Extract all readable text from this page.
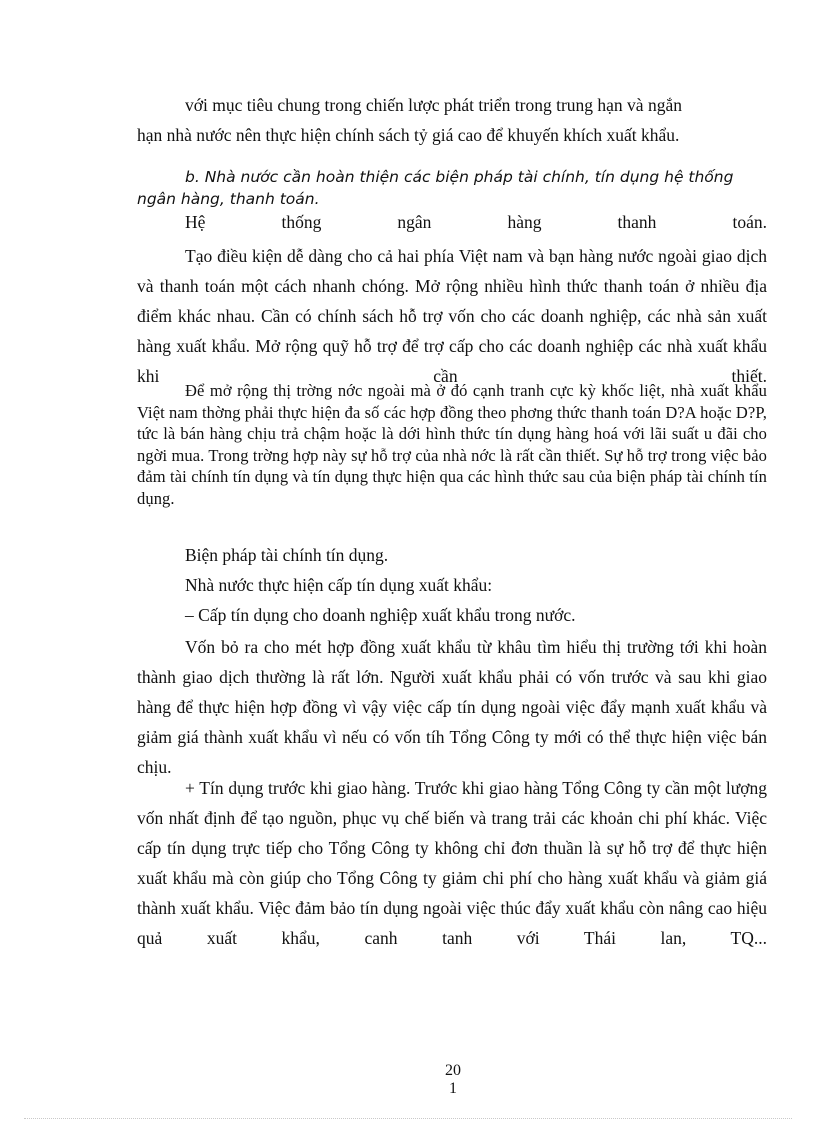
với mục tiêu chung trong chiến lược phát triển trong trung hạn và ngắn

hạn nhà nước nên thực hiện chính sách tỷ giá cao để khuyến khích xuất khẩu.

b. Nhà nước cần hoàn thiện các biện pháp tài chính, tín dụng hệ thống ngân hàng, thanh toán.

Hệ thống ngân hàng thanh toán.

Tạo điều kiện dễ dàng cho cả hai phía Việt nam và bạn hàng nước ngoài giao dịch và thanh toán một cách nhanh chóng. Mở rộng nhiều hình thức thanh toán ở nhiều địa điểm khác nhau. Cần có chính sách hỗ trợ vốn cho các doanh nghiệp, các nhà sản xuất hàng xuất khẩu. Mở rộng quỹ hỗ trợ để trợ cấp cho các doanh nghiệp các nhà xuất khẩu khi cần thiết.

Để mở rộng thị trờng nớc ngoài mà ở đó cạnh tranh cực kỳ khốc liệt, nhà xuất khẩu Việt nam thờng phải thực hiện đa số các hợp đồng theo phơng thức thanh toán D?A hoặc D?P, tức là bán hàng chịu trả chậm hoặc là dới hình thức tín dụng hàng hoá với lãi suất u đãi cho ngời mua. Trong trờng hợp này sự hỗ trợ của nhà nớc là rất cần thiết. Sự hỗ trợ trong việc bảo đảm tài chính tín dụng và tín dụng thực hiện qua các hình thức sau của biện pháp tài chính tín dụng.

Biện pháp tài chính tín dụng.

Nhà nước thực hiện cấp tín dụng xuất khẩu:

– Cấp tín dụng cho doanh nghiệp xuất khẩu trong nước.

Vốn bỏ ra cho mét hợp đồng xuất khẩu từ khâu tìm hiểu thị trường tới khi hoàn thành giao dịch thường là rất lớn. Người xuất khẩu phải có vốn trước và sau khi giao hàng để thực hiện hợp đồng vì vậy việc cấp tín dụng ngoài việc đẩy mạnh xuất khẩu và giảm giá thành xuất khẩu vì nếu có vốn tíh Tổng Công ty mới có thể thực hiện việc bán chịu.

+ Tín dụng trước khi giao hàng. Trước khi giao hàng Tổng Công ty cần một lượng vốn nhất định để tạo nguồn, phục vụ chế biến và trang trải các khoản chi phí khác. Việc cấp tín dụng trực tiếp cho Tổng Công ty không chỉ đơn thuần là sự hỗ trợ để thực hiện xuất khẩu mà còn giúp cho Tổng Công ty giảm chi phí cho hàng xuất khẩu và giảm giá thành xuất khẩu. Việc đảm bảo tín dụng ngoài việc thúc đẩy xuất khẩu còn nâng cao hiệu quả xuất khẩu, canh tanh với Thái lan, TQ...

20
1
